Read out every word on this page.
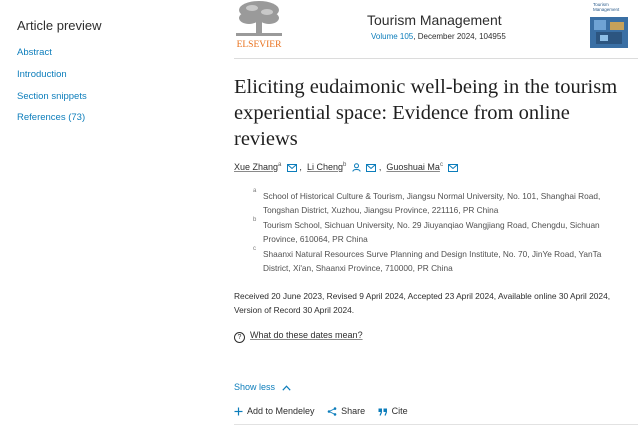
Article preview
Abstract
Introduction
Section snippets
References (73)
ELSEVIER
Tourism Management
Volume 105, December 2024, 104955
Tourism
Management
Eliciting eudaimonic well-being in the tourism experiential space: Evidence from online reviews
Xue Zhang$^a$ ,  Li Cheng$^b$	,  Guoshuai Ma$^c$
a School of Historical Culture & Tourism, Jiangsu Normal University, No. 101, Shanghai Road, Tongshan District, Xuzhou, Jiangsu Province, 221116, PR China
b Tourism School, Sichuan University, No. 29 Jiuyanqiao Wangjiang Road, Chengdu, Sichuan Province, 610064, PR China
c Shaanxi Natural Resources Surve Planning and Design Institute, No. 70, JinYe Road, YanTa District, Xi'an, Shaanxi Province, 710000, PR China
Received 20 June 2023, Revised 9 April 2024, Accepted 23 April 2024, Available online 30 April 2024, Version of Record 30 April 2024.
? What do these dates mean?
Show less
Add to Mendeley	Share	Cite
